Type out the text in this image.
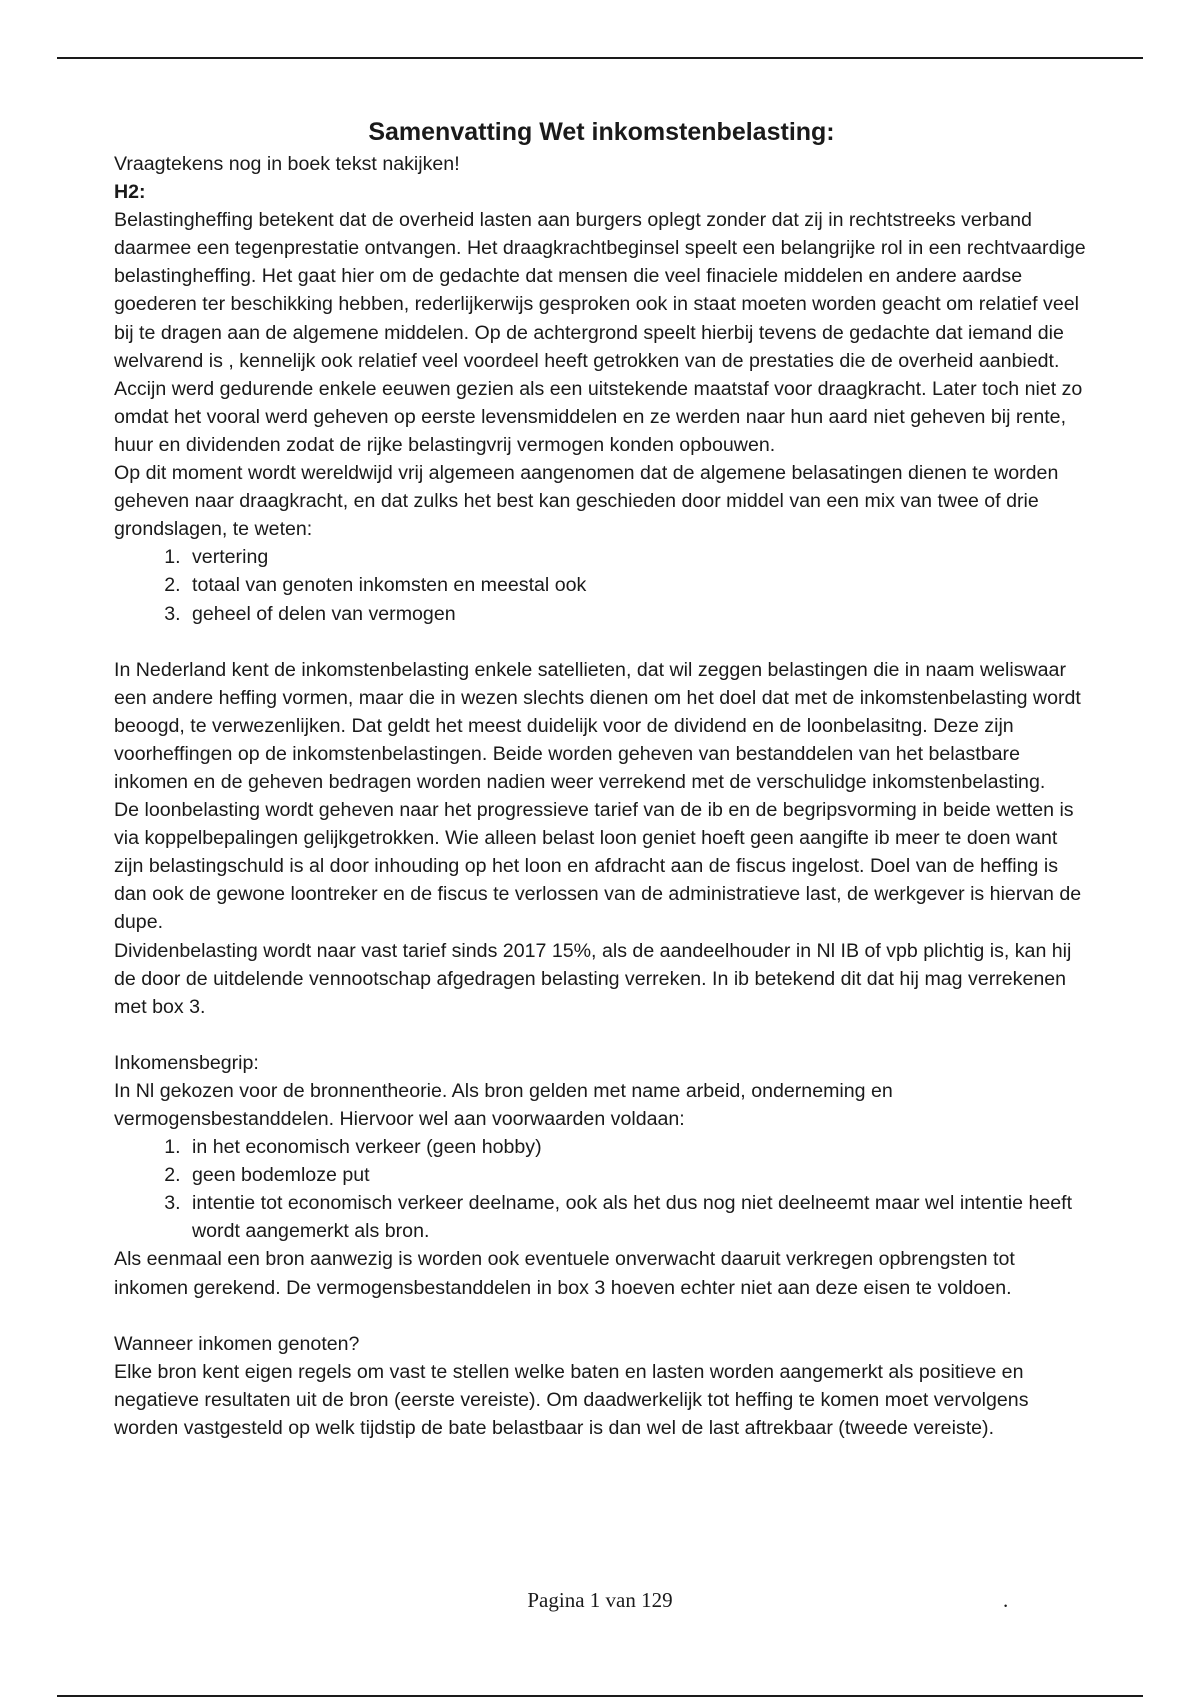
Samenvatting Wet inkomstenbelasting:

Vraagtekens nog in boek tekst nakijken!

H2:

Belastingheffing betekent dat de overheid lasten aan burgers oplegt zonder dat zij in rechtstreeks verband daarmee een tegenprestatie ontvangen. Het draagkrachtbeginsel speelt een belangrijke rol in een rechtvaardige belastingheffing. Het gaat hier om de gedachte dat mensen die veel finaciele middelen en andere aardse goederen ter beschikking hebben, rederlijkerwijs gesproken ook in staat moeten worden geacht om relatief veel bij te dragen aan de algemene middelen. Op de achtergrond speelt hierbij tevens de gedachte dat iemand die welvarend is , kennelijk ook relatief veel voordeel heeft getrokken van de prestaties die de overheid aanbiedt.

Accijn werd gedurende enkele eeuwen gezien als een uitstekende maatstaf voor draagkracht. Later toch niet zo omdat het vooral werd geheven op eerste levensmiddelen en ze werden naar hun aard niet geheven bij rente, huur en dividenden zodat de rijke belastingvrij vermogen konden opbouwen.

Op dit moment wordt wereldwijd vrij algemeen aangenomen dat de algemene belasatingen dienen te worden geheven naar draagkracht, en dat zulks het best kan geschieden door middel van een mix van twee of drie grondslagen, te weten:

1. vertering
2. totaal van genoten inkomsten en meestal ook
3. geheel of delen van vermogen

In Nederland kent de inkomstenbelasting enkele satellieten, dat wil zeggen belastingen die in naam weliswaar een andere heffing vormen, maar die in wezen slechts dienen om het doel dat met de inkomstenbelasting wordt beoogd, te verwezenlijken. Dat geldt het meest duidelijk voor de dividend en de loonbelasitng. Deze zijn voorheffingen op de inkomstenbelastingen. Beide worden geheven van bestanddelen van het belastbare inkomen en de geheven bedragen worden nadien weer verrekend met de verschulidge inkomstenbelasting.

De loonbelasting wordt geheven naar het progressieve tarief van de ib en de begripsvorming in beide wetten is via koppelbepalingen gelijkgetrokken. Wie alleen belast loon geniet hoeft geen aangifte ib meer te doen want zijn belastingschuld is al door inhouding op het loon en afdracht aan de fiscus ingelost. Doel van de heffing is dan ook de gewone loontreker en de fiscus te verlossen van de administratieve last, de werkgever is hiervan de dupe.

Dividenbelasting wordt naar vast tarief sinds 2017 15%, als de aandeelhouder in Nl IB of vpb plichtig is, kan hij de door de uitdelende vennootschap afgedragen belasting verreken. In ib betekend dit dat hij mag verrekenen met box 3.

Inkomensbegrip:

In Nl gekozen voor de bronnentheorie. Als bron gelden met name arbeid, onderneming en vermogensbestanddelen. Hiervoor wel aan voorwaarden voldaan:

1. in het economisch verkeer (geen hobby)
2. geen bodemloze put
3. intentie tot economisch verkeer deelname, ook als het dus nog niet deelneemt maar wel intentie heeft wordt aangemerkt als bron.

Als eenmaal een bron aanwezig is worden ook eventuele onverwacht daaruit verkregen opbrengsten tot inkomen gerekend. De vermogensbestanddelen in box 3 hoeven echter niet aan deze eisen te voldoen.

Wanneer inkomen genoten?

Elke bron kent eigen regels om vast te stellen welke baten en lasten worden aangemerkt als positieve en negatieve resultaten uit de bron (eerste vereiste). Om daadwerkelijk tot heffing te komen moet vervolgens worden vastgesteld op welk tijdstip de bate belastbaar is dan wel de last aftrekbaar (tweede vereiste).

Pagina 1 van 129	.
